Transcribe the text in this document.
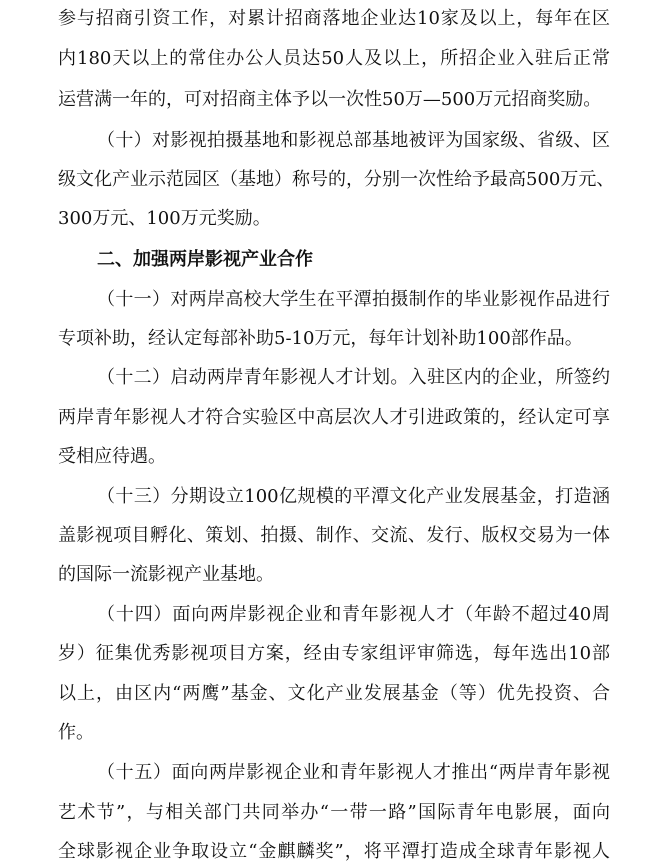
参与招商引资工作，对累计招商落地企业达10家及以上，每年在区
内180天以上的常住办公人员达50人及以上，所招企业入驻后正常
运营满一年的，可对招商主体予以一次性50万—500万元招商奖励。
（十）对影视拍摄基地和影视总部基地被评为国家级、省级、区
级文化产业示范园区（基地）称号的，分别一次性给予最高500万元、
300万元、100万元奖励。
二、加强两岸影视产业合作
（十一）对两岸高校大学生在平潭拍摄制作的毕业影视作品进行
专项补助，经认定每部补助5-10万元，每年计划补助100部作品。
（十二）启动两岸青年影视人才计划。入驻区内的企业，所签约
两岸青年影视人才符合实验区中高层次人才引进政策的，经认定可享
受相应待遇。
（十三）分期设立100亿规模的平潭文化产业发展基金，打造涵
盖影视项目孵化、策划、拍摄、制作、交流、发行、版权交易为一体
的国际一流影视产业基地。
（十四）面向两岸影视企业和青年影视人才（年龄不超过40周
岁）征集优秀影视项目方案，经由专家组评审筛选，每年选出10部
以上，由区内“两鹰”基金、文化产业发展基金（等）优先投资、合
作。
（十五）面向两岸影视企业和青年影视人才推出“两岸青年影视
艺术节”，与相关部门共同举办“一带一路”国际青年电影展，面向
全球影视企业争取设立“金麒麟奖”，将平潭打造成全球青年影视人
